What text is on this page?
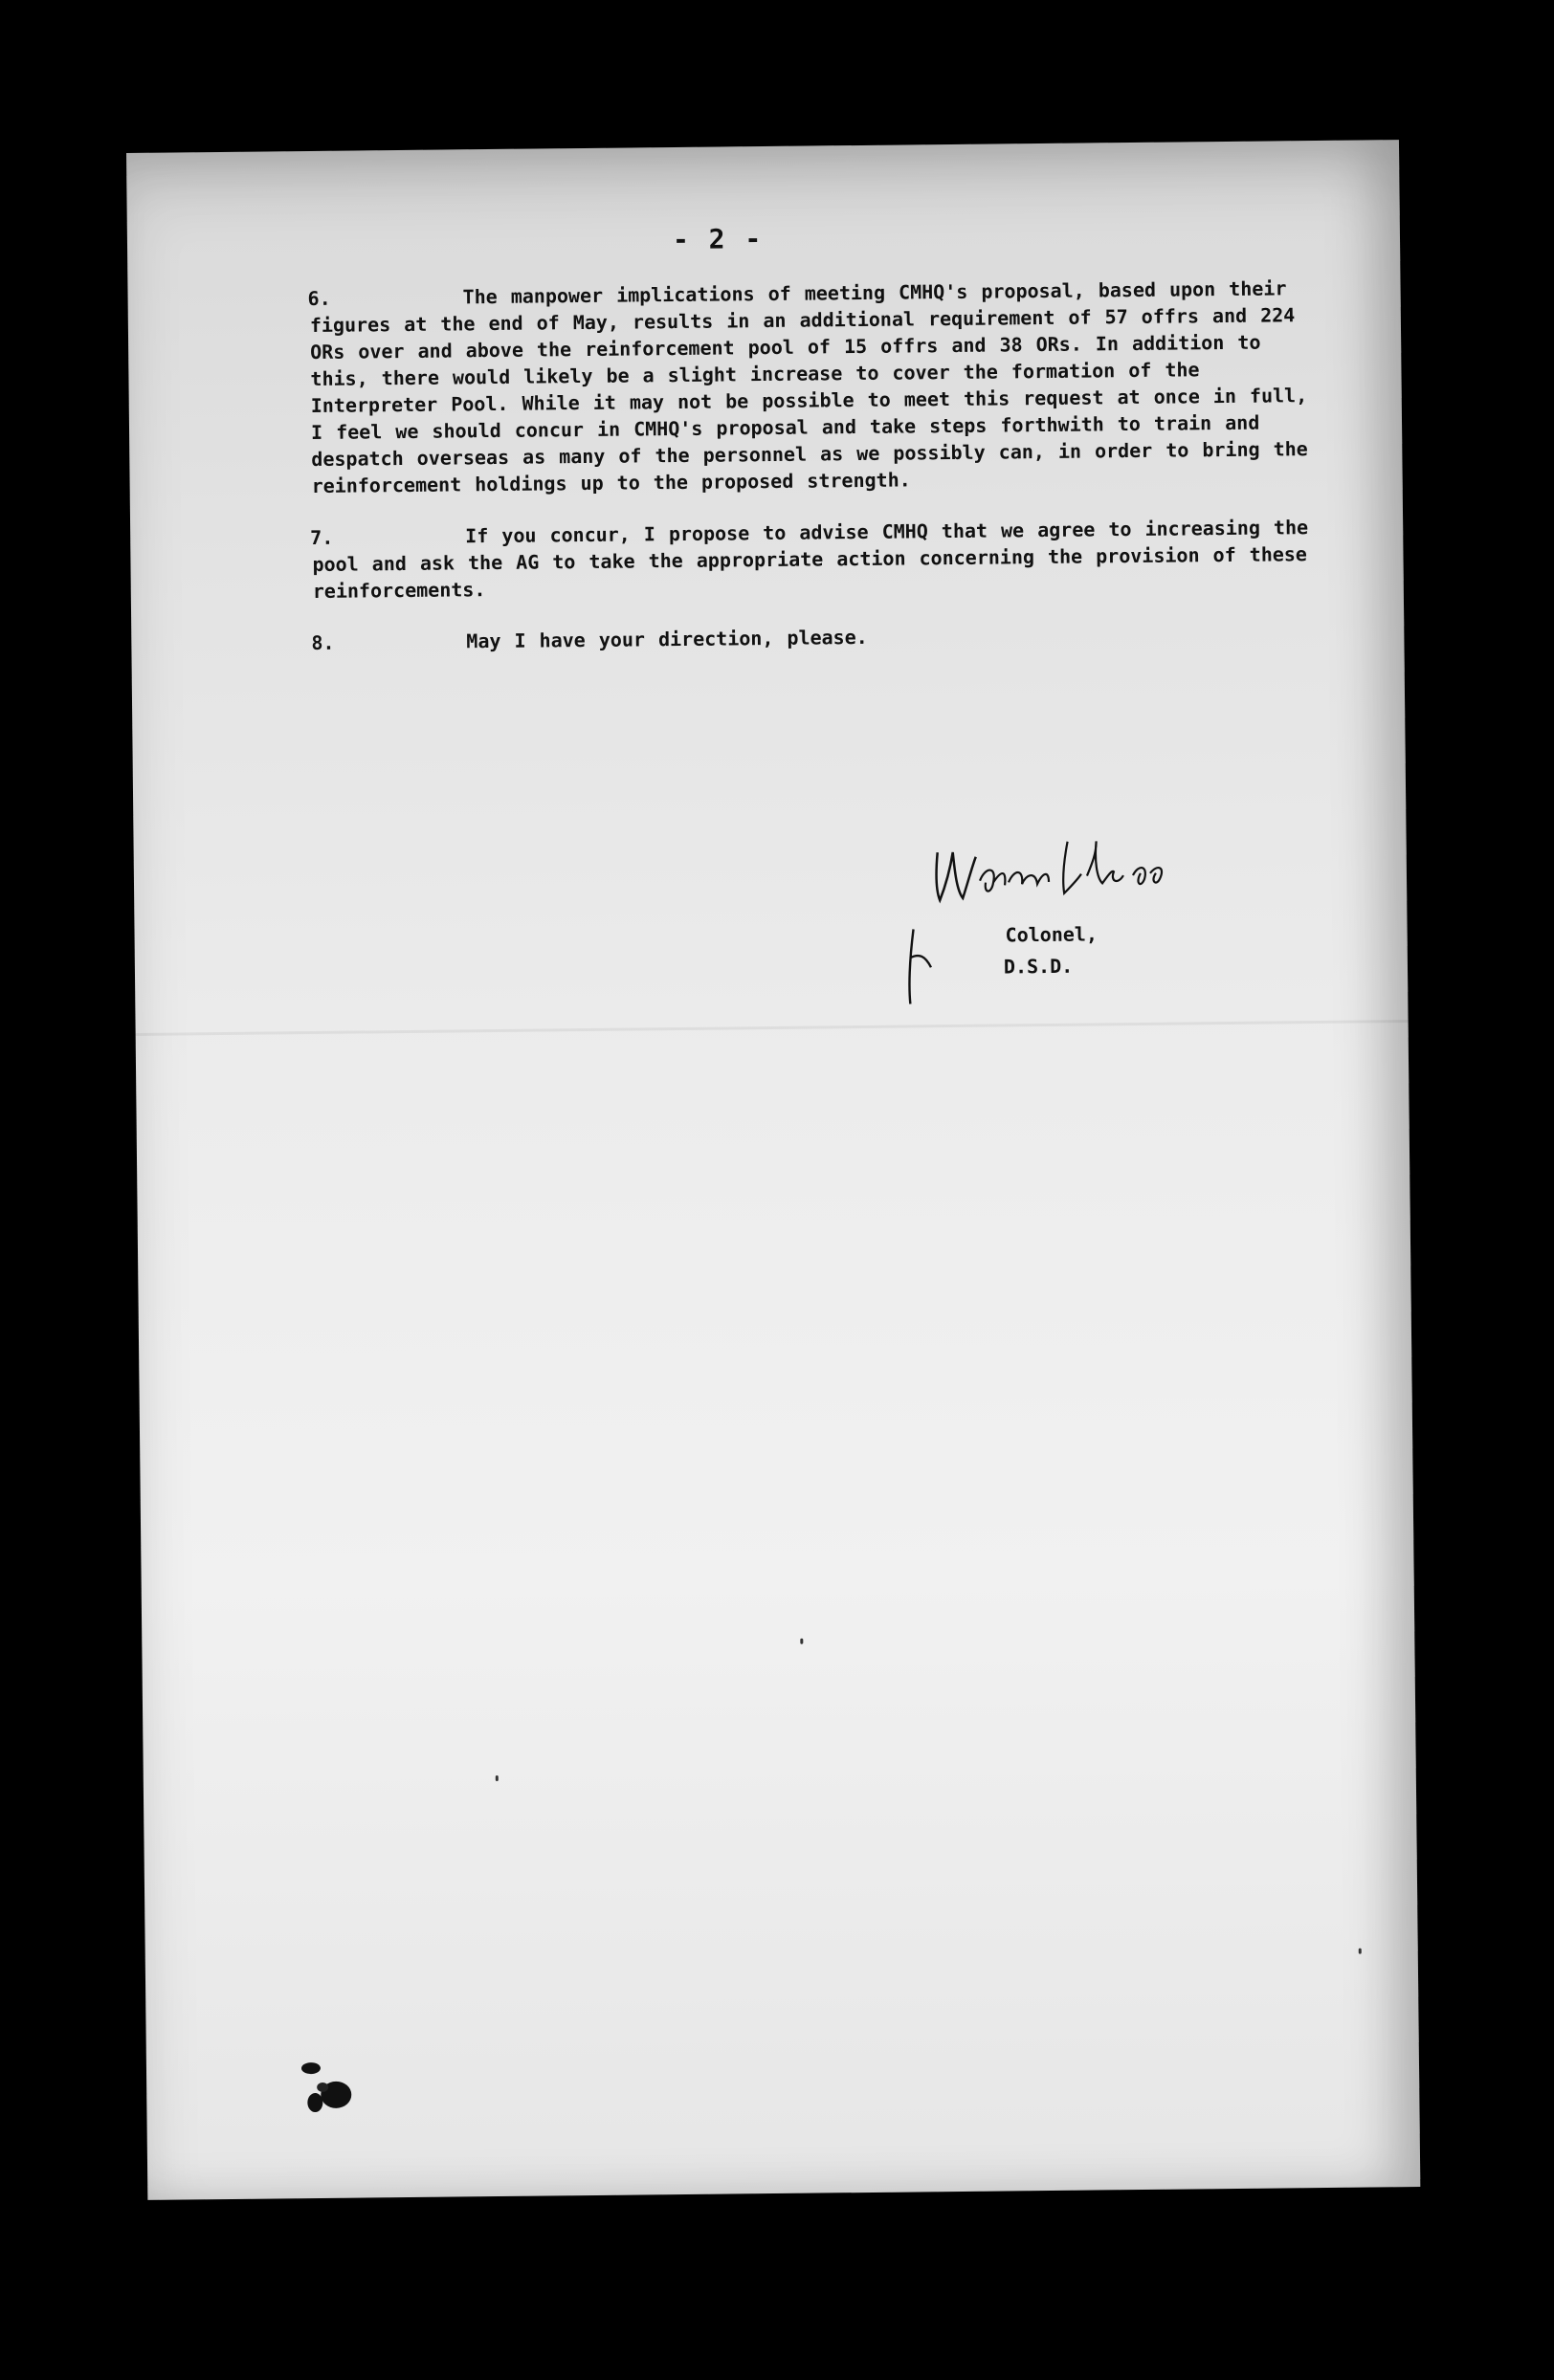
- 2 -
6.	The manpower implications of meeting CMHQ's proposal, based upon their figures at the end of May, results in an additional requirement of 57 offrs and 224 ORs over and above the reinforcement pool of 15 offrs and 38 ORs. In addition to this, there would likely be a slight increase to cover the formation of the Interpreter Pool. While it may not be possible to meet this request at once in full, I feel we should concur in CMHQ's proposal and take steps forthwith to train and despatch overseas as many of the personnel as we possibly can, in order to bring the reinforcement holdings up to the proposed strength.
7.	If you concur, I propose to advise CMHQ that we agree to increasing the pool and ask the AG to take the appropriate action concerning the provision of these reinforcements.
8.	May I have your direction, please.
Colonel,
D.S.D.
